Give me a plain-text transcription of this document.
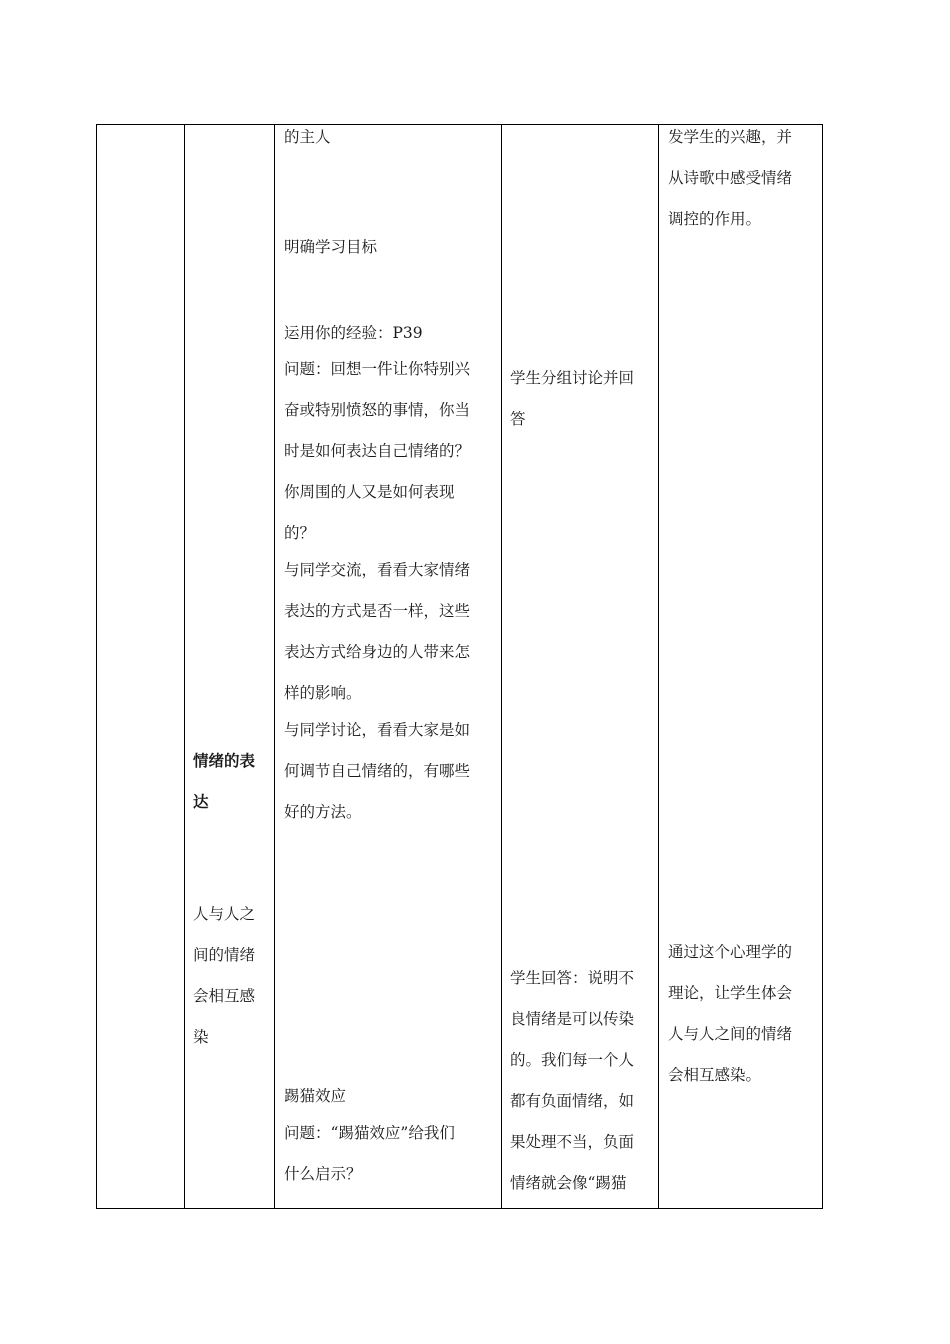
情绪的表
达
人与人之
间的情绪
会相互感
染
的主人
明确学习目标
运用你的经验：P39
问题：回想一件让你特别兴
奋或特别愤怒的事情，你当
时是如何表达自己情绪的？
你周围的人又是如何表现
的？
与同学交流，看看大家情绪
表达的方式是否一样，这些
表达方式给身边的人带来怎
样的影响。
与同学讨论，看看大家是如
何调节自己情绪的，有哪些
好的方法。
踢猫效应
问题：“踢猫效应”给我们
什么启示？
学生分组讨论并回
答
学生回答：说明不
良情绪是可以传染
的。我们每一个人
都有负面情绪，如
果处理不当，负面
情绪就会像“踢猫
发学生的兴趣，并
从诗歌中感受情绪
调控的作用。
通过这个心理学的
理论，让学生体会
人与人之间的情绪
会相互感染。
